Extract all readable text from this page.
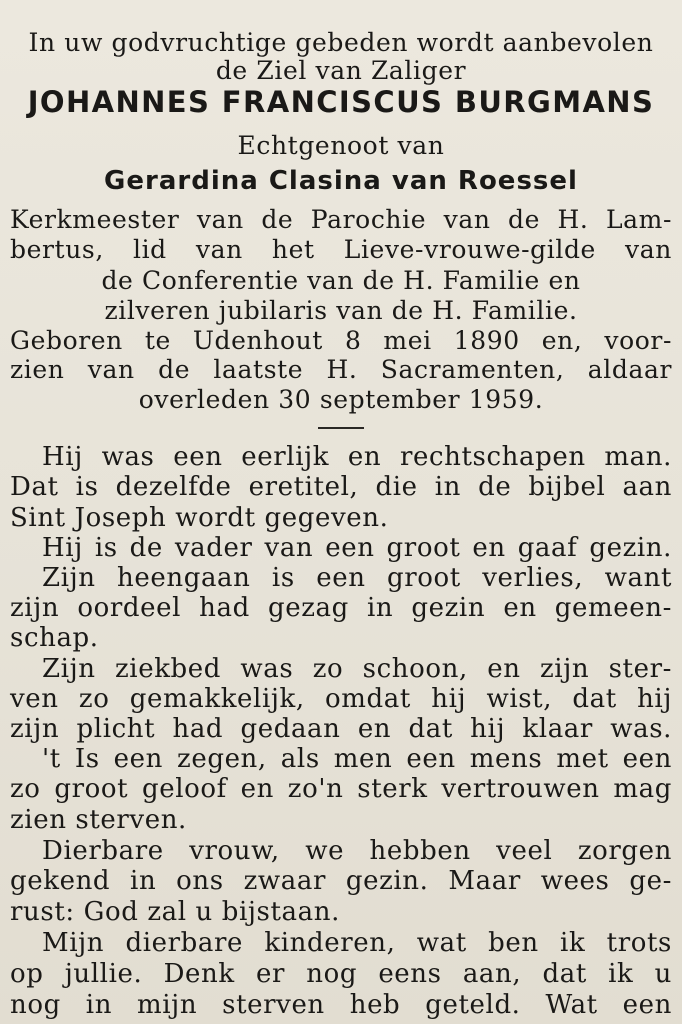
In uw godvruchtige gebeden wordt aanbevolen
de Ziel van Zaliger
JOHANNES FRANCISCUS BURGMANS
Echtgenoot van
Gerardina Clasina van Roessel
Kerkmeester van de Parochie van de H. Lam-
bertus, lid van het Lieve-vrouwe-gilde van
de Conferentie van de H. Familie en
zilveren jubilaris van de H. Familie.
Geboren te Udenhout 8 mei 1890 en, voor-
zien van de laatste H. Sacramenten, aldaar
overleden 30 september 1959.
Hij was een eerlijk en rechtschapen man.
Dat is dezelfde eretitel, die in de bijbel aan
Sint Joseph wordt gegeven.
Hij is de vader van een groot en gaaf gezin.
Zijn heengaan is een groot verlies, want
zijn oordeel had gezag in gezin en gemeen-
schap.
Zijn ziekbed was zo schoon, en zijn ster-
ven zo gemakkelijk, omdat hij wist, dat hij
zijn plicht had gedaan en dat hij klaar was.
't Is een zegen, als men een mens met een
zo groot geloof en zo'n sterk vertrouwen mag
zien sterven.
Dierbare vrouw, we hebben veel zorgen
gekend in ons zwaar gezin. Maar wees ge-
rust: God zal u bijstaan.
Mijn dierbare kinderen, wat ben ik trots
op jullie. Denk er nog eens aan, dat ik u
nog in mijn sterven heb geteld. Wat een
